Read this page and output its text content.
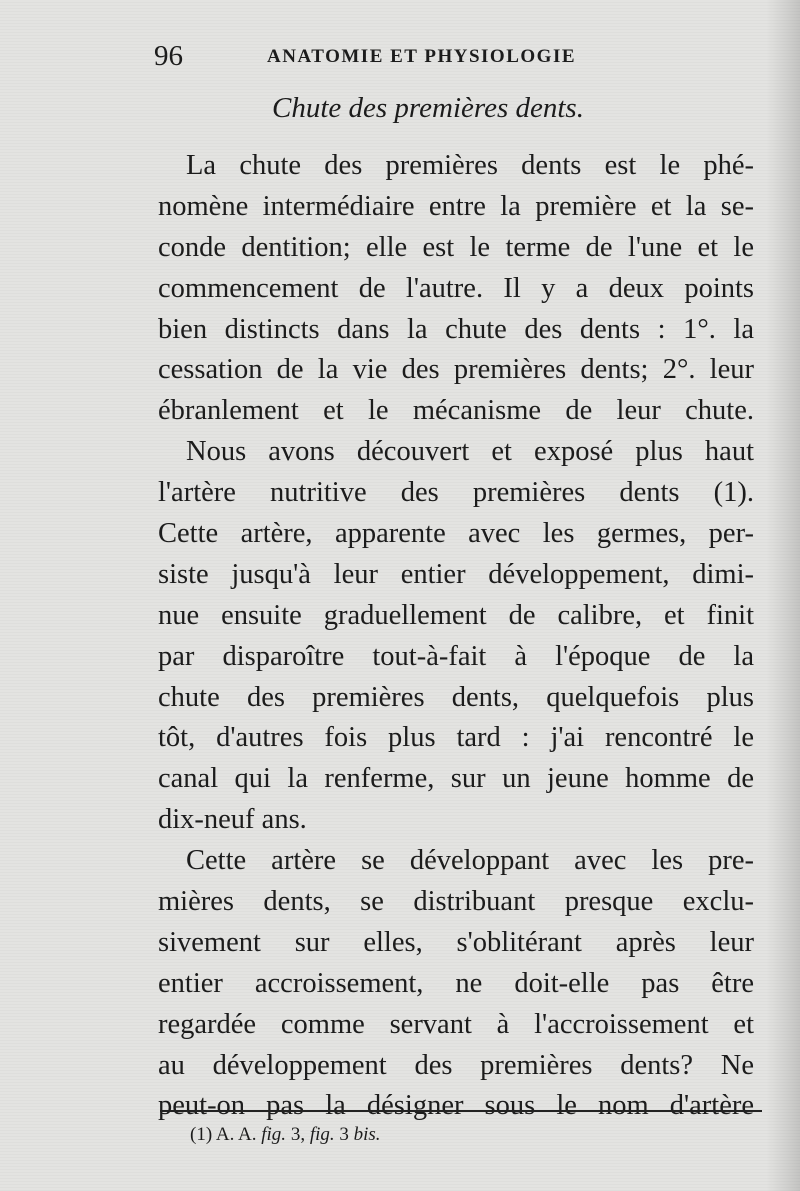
96	ANATOMIE ET PHYSIOLOGIE
Chute des premières dents.
La chute des premières dents est le phé-
nomène intermédiaire entre la première et la se-
conde dentition; elle est le terme de l'une et le
commencement de l'autre. Il y a deux points
bien distincts dans la chute des dents : 1°. la
cessation de la vie des premières dents; 2°. leur
ébranlement et le mécanisme de leur chute.
Nous avons découvert et exposé plus haut
l'artère nutritive des premières dents (1).
Cette artère, apparente avec les germes, per-
siste jusqu'à leur entier développement, dimi-
nue ensuite graduellement de calibre, et finit
par disparoître tout-à-fait à l'époque de la
chute des premières dents, quelquefois plus
tôt, d'autres fois plus tard : j'ai rencontré le
canal qui la renferme, sur un jeune homme de
dix-neuf ans.
Cette artère se développant avec les pre-
mières dents, se distribuant presque exclu-
sivement sur elles, s'oblitérant après leur
entier accroissement, ne doit-elle pas être
regardée comme servant à l'accroissement et
au développement des premières dents? Ne
peut-on pas la désigner sous le nom d'artère
(1) A. A. fig. 3, fig. 3 bis.
